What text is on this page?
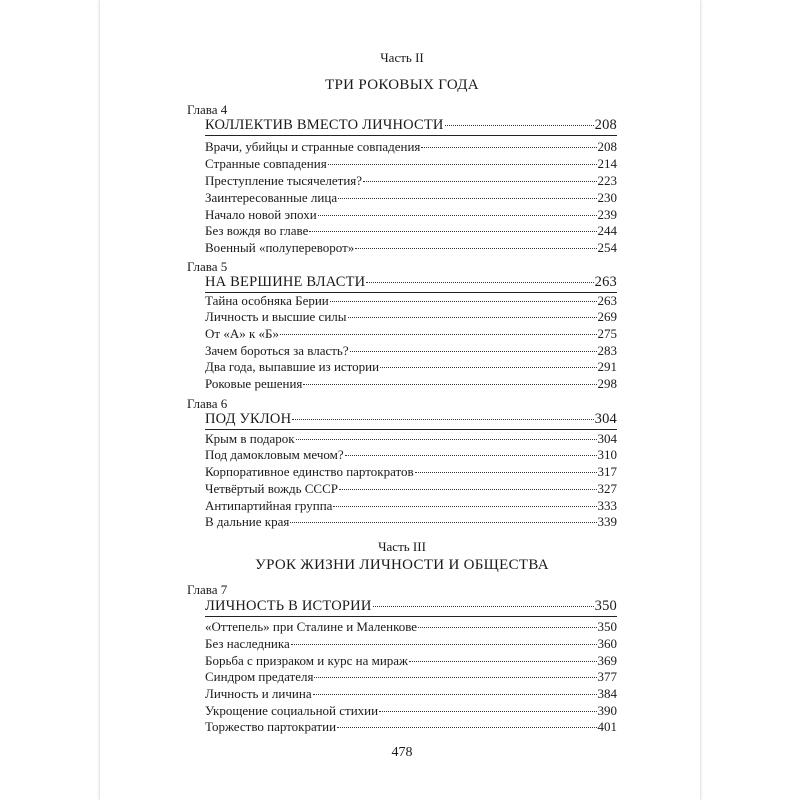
Часть II
ТРИ РОКОВЫХ ГОДА
Глава 4
КОЛЛЕКТИВ ВМЕСТО ЛИЧНОСТИ	208
Врачи, убийцы и странные совпадения	208
Странные совпадения	214
Преступление тысячелетия?	223
Заинтересованные лица	230
Начало новой эпохи	239
Без вождя во главе	244
Военный «полупереворот»	254
Глава 5
НА ВЕРШИНЕ ВЛАСТИ	263
Тайна особняка Берии	263
Личность и высшие силы	269
От «А» к «Б»	275
Зачем бороться за власть?	283
Два года, выпавшие из истории	291
Роковые решения	298
Глава 6
ПОД УКЛОН	304
Крым в подарок	304
Под дамокловым мечом?	310
Корпоративное единство партократов	317
Четвёртый вождь СССР	327
Антипартийная группа	333
В дальние края	339
Часть III
УРОК ЖИЗНИ ЛИЧНОСТИ И ОБЩЕСТВА
Глава 7
ЛИЧНОСТЬ В ИСТОРИИ	350
«Оттепель» при Сталине и Маленкове	350
Без наследника	360
Борьба с призраком и курс на мираж	369
Синдром предателя	377
Личность и личина	384
Укрощение социальной стихии	390
Торжество партократии	401
478
